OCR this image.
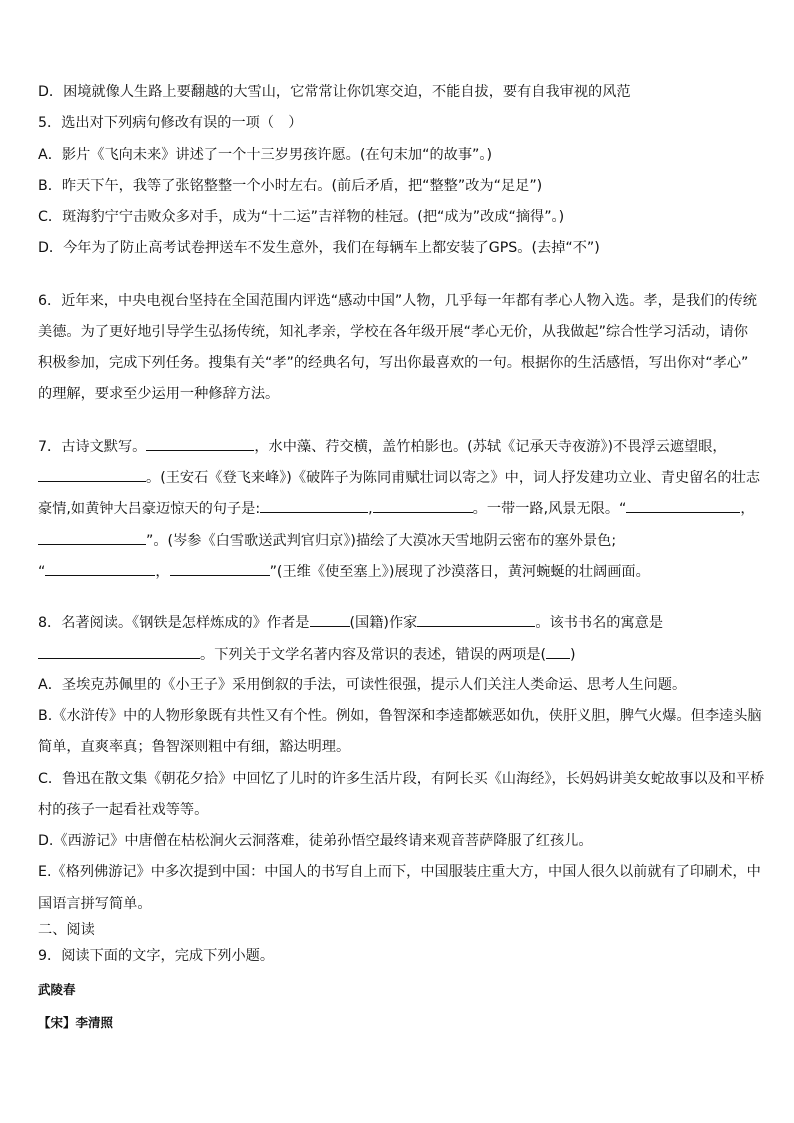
D．困境就像人生路上要翻越的大雪山，它常常让你饥寒交迫，不能自拔，要有自我审视的风范
5．选出对下列病句修改有误的一项（　）
A．影片《飞向未来》讲述了一个十三岁男孩许愿。(在句末加“的故事”。)
B．昨天下午，我等了张铭整整一个小时左右。(前后矛盾，把“整整”改为“足足”)
C．斑海豹宁宁击败众多对手，成为“十二运”吉祥物的桂冠。(把“成为”改成“摘得”。)
D．今年为了防止高考试卷押送车不发生意外，我们在每辆车上都安装了GPS。(去掉“不”)
6．近年来，中央电视台坚持在全国范围内评选“感动中国”人物，几乎每一年都有孝心人物入选。孝，是我们的传统
美德。为了更好地引导学生弘扬传统，知礼孝亲，学校在各年级开展“孝心无价，从我做起”综合性学习活动，请你
积极参加，完成下列任务。搜集有关“孝”的经典名句，写出你最喜欢的一句。根据你的生活感悟，写出你对“孝心”
的理解，要求至少运用一种修辞方法。
7．古诗文默写。	，水中藻、荇交横，盖竹柏影也。(苏轼《记承天寺夜游》)不畏浮云遮望眼，
。(王安石《登飞来峰》)《破阵子为陈同甫赋壮词以寄之》中，词人抒发建功立业、青史留名的壮志
豪情,如黄钟大吕豪迈惊天的句子是:	,	。一带一路,风景无限。“	，
”。(岑参《白雪歌送武判官归京》)描绘了大漠冰天雪地阴云密布的塞外景色;
“	，	”(王维《使至塞上》)展现了沙漠落日，黄河蜿蜒的壮阔画面。
8．名著阅读。《钢铁是怎样炼成的》作者是	(国籍)作家	。该书书名的寓意是
。下列关于文学名著内容及常识的表述，错误的两项是( )
A．圣埃克苏佩里的《小王子》采用倒叙的手法，可读性很强，提示人们关注人类命运、思考人生问题。
B.《水浒传》中的人物形象既有共性又有个性。例如，鲁智深和李逵都嫉恶如仇，侠肝义胆，脾气火爆。但李逵头脑
简单，直爽率真；鲁智深则粗中有细，豁达明理。
C．鲁迅在散文集《朝花夕拾》中回忆了儿时的许多生活片段，有阿长买《山海经》，长妈妈讲美女蛇故事以及和平桥
村的孩子一起看社戏等等。
D.《西游记》中唐僧在枯松涧火云洞落难，徒弟孙悟空最终请来观音菩萨降服了红孩儿。
E.《格列佛游记》中多次提到中国：中国人的书写自上而下，中国服装庄重大方，中国人很久以前就有了印刷术，中
国语言拼写简单。
二、阅读
9．阅读下面的文字，完成下列小题。
武陵春
【宋】李清照
